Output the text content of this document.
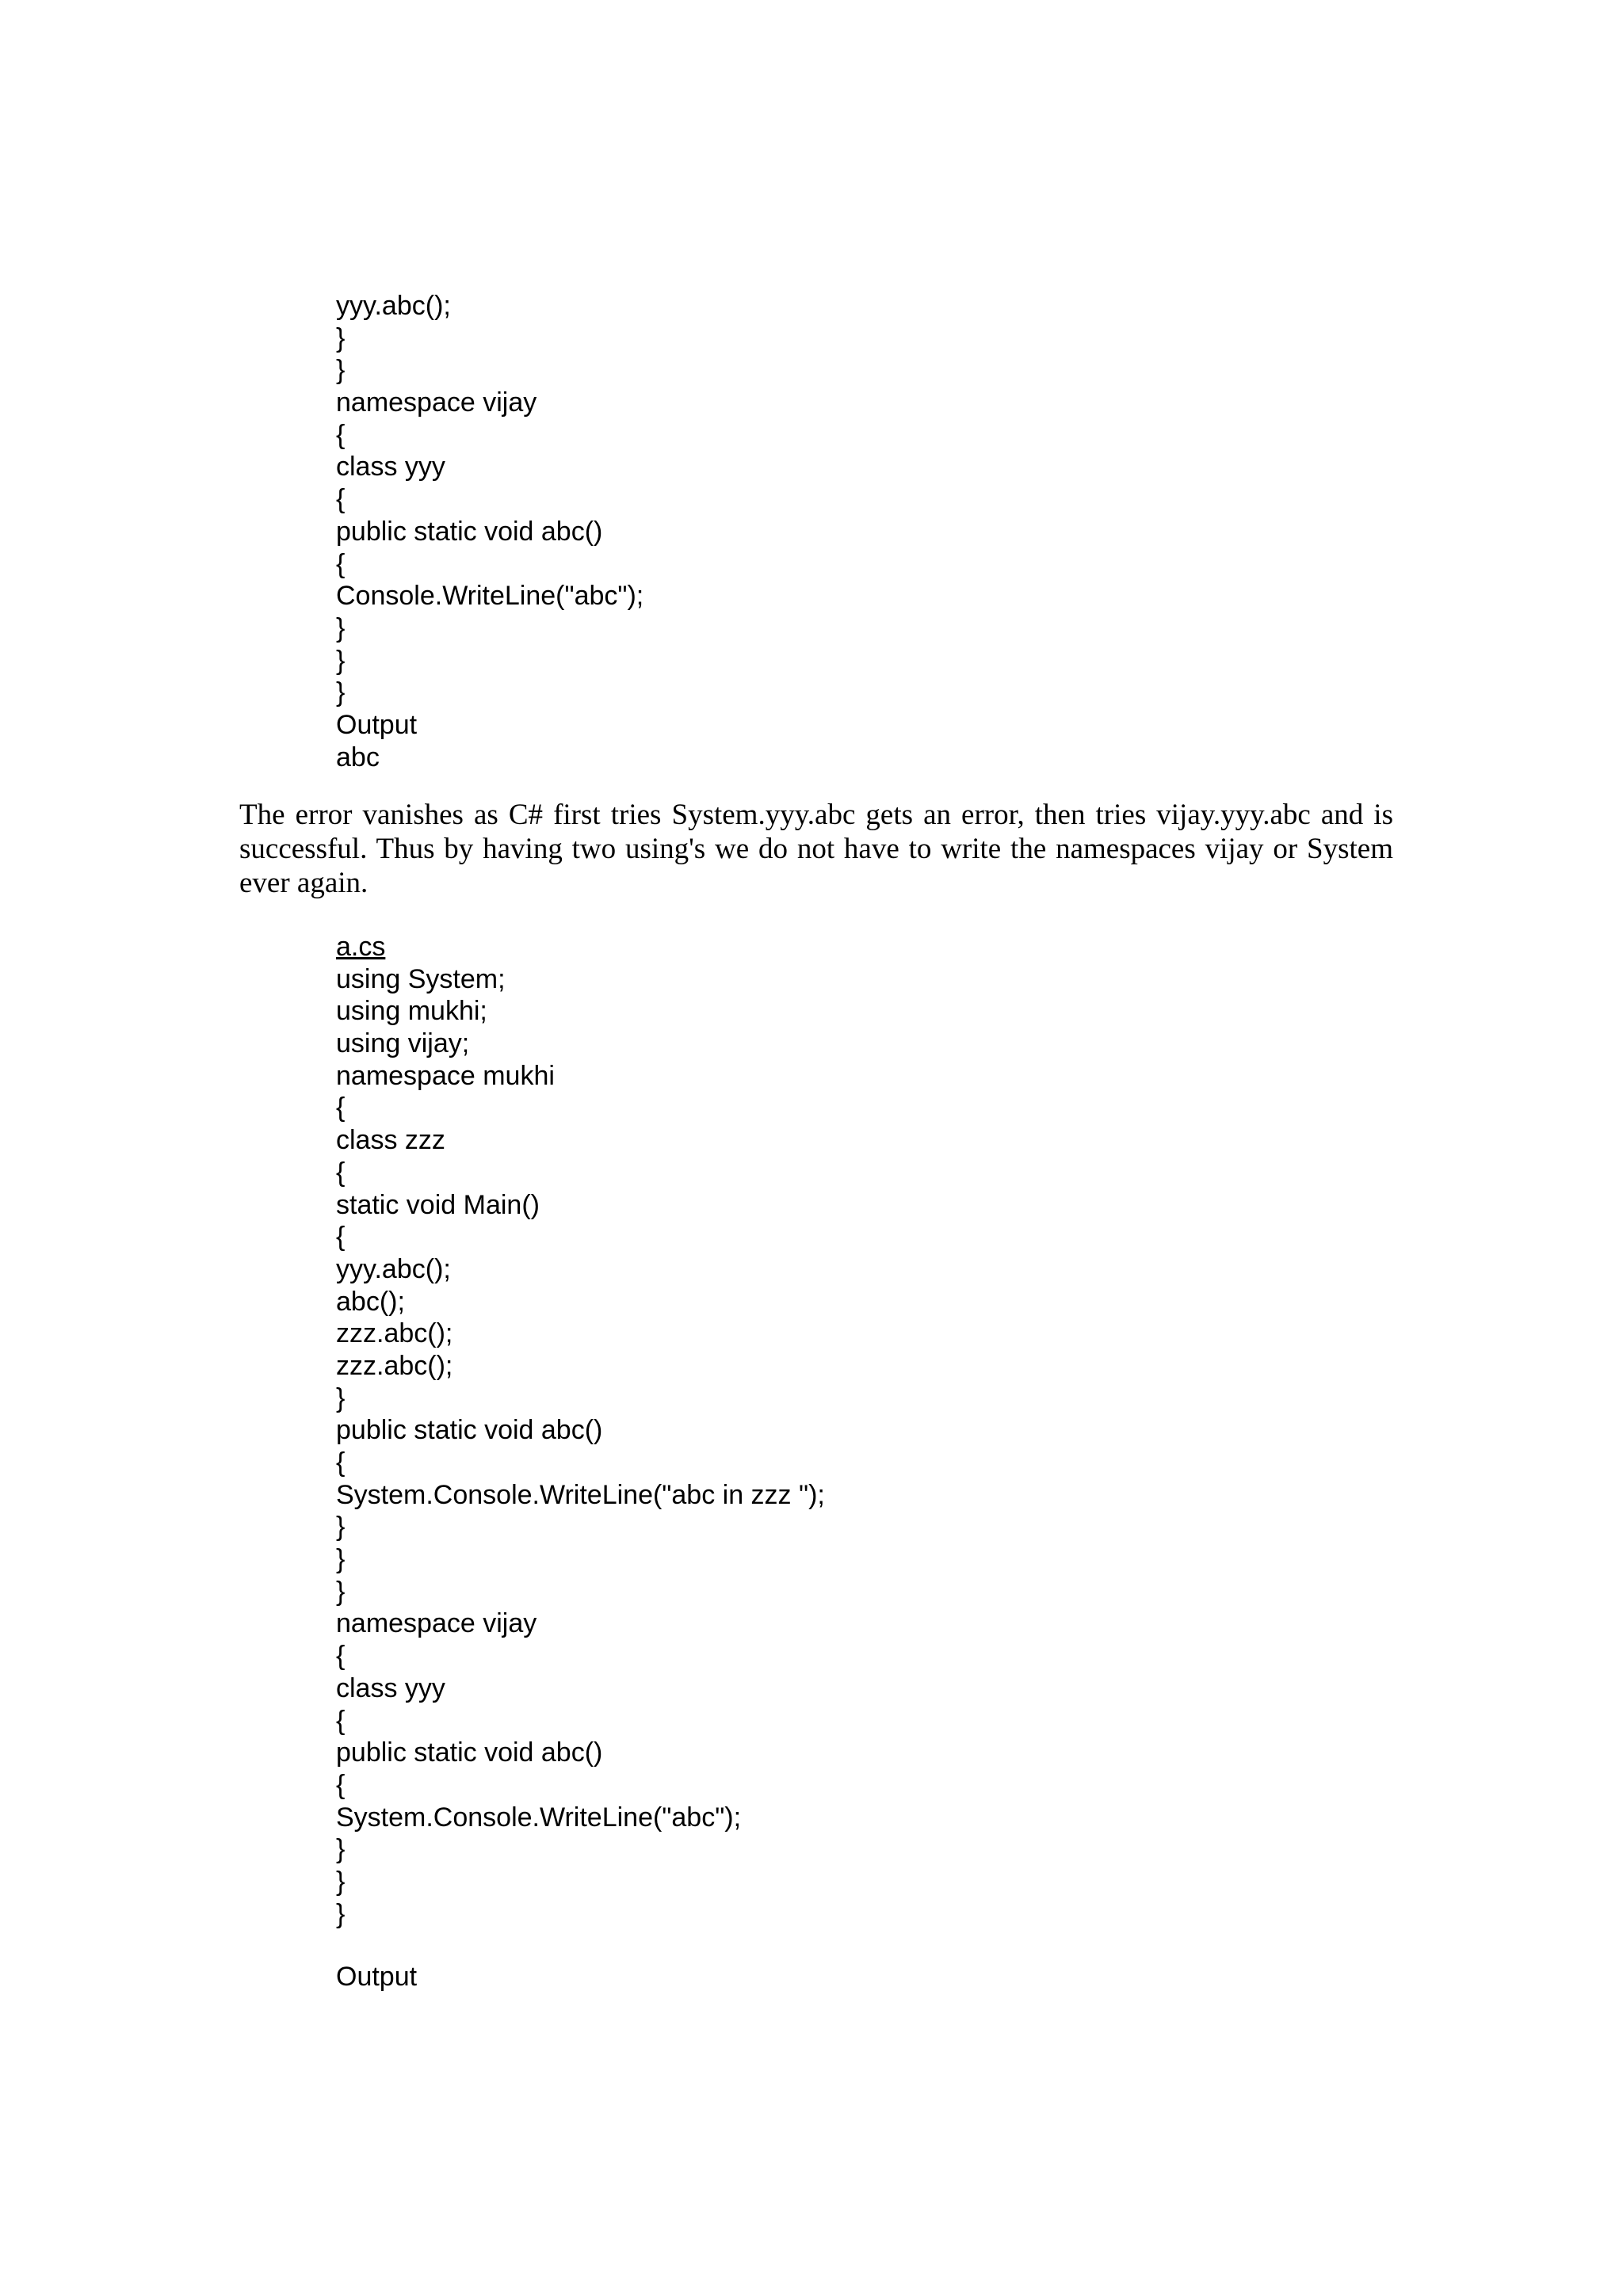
yyy.abc();
}
}
namespace vijay
{
class yyy
{
public static void abc()
{
Console.WriteLine("abc");
}
}
}
Output
abc

The error vanishes as C# first tries System.yyy.abc gets an error, then tries vijay.yyy.abc and is successful. Thus by having two using's we do not have to write the namespaces vijay or System ever again.

a.cs
using System;
using mukhi;
using vijay;
namespace mukhi
{
class zzz
{
static void Main()
{
yyy.abc();
abc();
zzz.abc();
zzz.abc();
}
public static void abc()
{
System.Console.WriteLine("abc in zzz ");
}
}
}
namespace vijay
{
class yyy
{
public static void abc()
{
System.Console.WriteLine("abc");
}
}
}
Output
